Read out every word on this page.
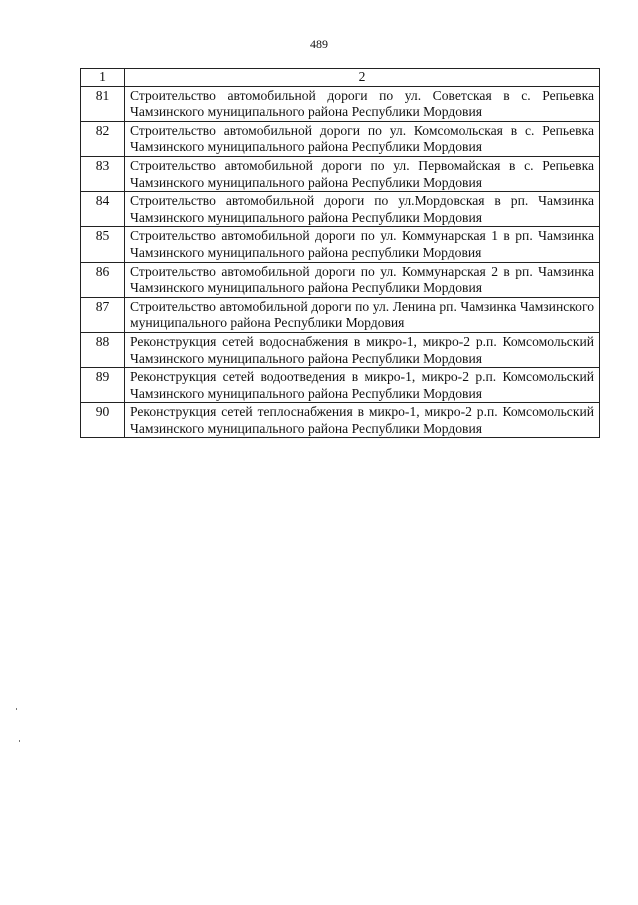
489
1	2
81	Строительство автомобильной дороги по ул. Советская в с. Репьевка Чамзинского муниципального района Республики Мордовия
82	Строительство автомобильной дороги по ул. Комсомольская в с. Репьевка Чамзинского муниципального района Республики Мордовия
83	Строительство автомобильной дороги по ул. Первомайская в с. Репьевка Чамзинского муниципального района Республики Мордовия
84	Строительство автомобильной дороги по ул.Мордовская в рп. Чамзинка Чамзинского муниципального района Республики Мордовия
85	Строительство автомобильной дороги по ул. Коммунарская 1 в рп. Чамзинка Чамзинского муниципального района республики Мордовия
86	Строительство автомобильной дороги по ул. Коммунарская 2 в рп. Чамзинка Чамзинского муниципального района Республики Мордовия
87	Строительство автомобильной дороги по ул. Ленина рп. Чамзинка Чамзинского муниципального района Республики Мордовия
88	Реконструкция сетей водоснабжения в микро-1, микро-2 р.п. Комсомольский Чамзинского муниципального района Республики Мордовия
89	Реконструкция сетей водоотведения в микро-1, микро-2 р.п. Комсомольский Чамзинского муниципального района Республики Мордовия
90	Реконструкция сетей теплоснабжения в микро-1, микро-2 р.п. Комсомольский Чамзинского муниципального района Республики Мордовия
